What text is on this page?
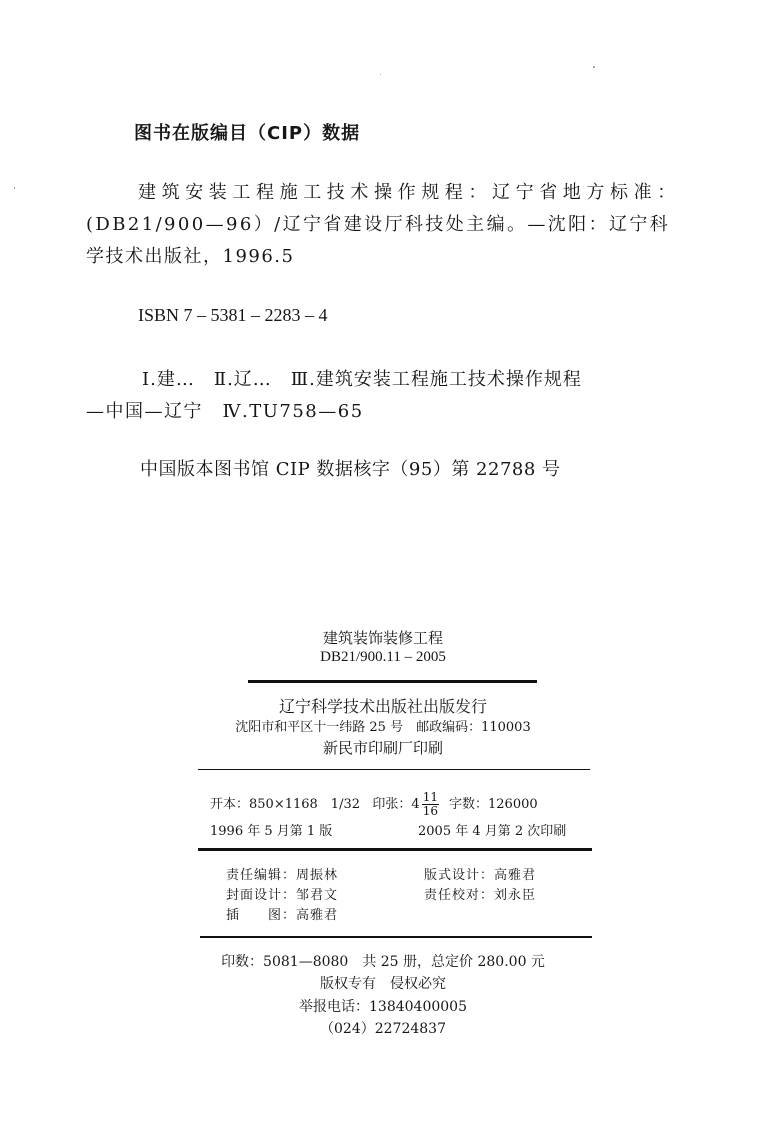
图书在版编目（CIP）数据
建筑安装工程施工技术操作规程：辽宁省地方标准：
(DB21/900—96）/辽宁省建设厅科技处主编。—沈阳：辽宁科
学技术出版社，1996.5
ISBN 7 – 5381 – 2283 – 4
Ⅰ.建…　Ⅱ.辽…　Ⅲ.建筑安装工程施工技术操作规程
—中国—辽宁　Ⅳ.TU758—65
中国版本图书馆 CIP 数据核字（95）第 22788 号
建筑装饰装修工程
DB21/900.11 – 2005
辽宁科学技术出版社出版发行
沈阳市和平区十一纬路 25 号　邮政编码：110003
新民市印刷厂印刷
开本：850×1168　1/32 印张：$4 \frac{11}{16}$ 字数：126000
1996 年 5 月第 1 版	2005 年 4 月第 2 次印刷
责任编辑：周振林	版式设计：高雅君
封面设计：邹君文	责任校对：刘永臣
插　　图：高雅君
印数：5081—8080　共 25 册，总定价 280.00 元
版权专有　侵权必究
举报电话：13840400005
（024）22724837
